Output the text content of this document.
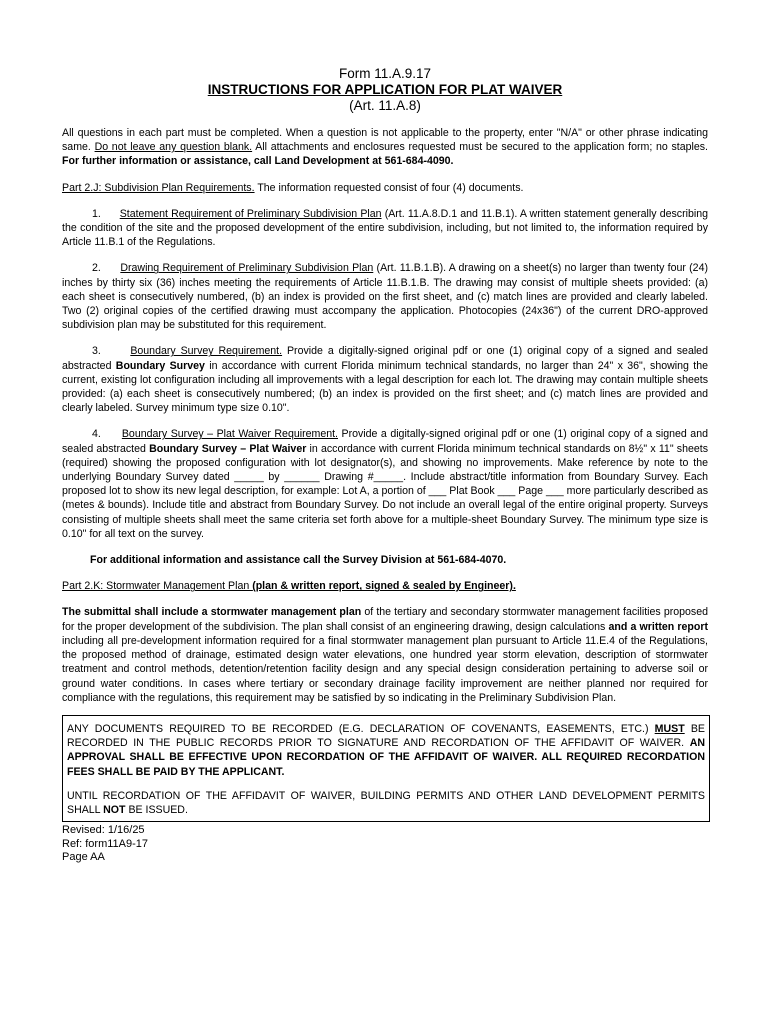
Form 11.A.9.17
INSTRUCTIONS FOR APPLICATION FOR PLAT WAIVER
(Art. 11.A.8)

All questions in each part must be completed. When a question is not applicable to the property, enter "N/A" or other phrase indicating same. Do not leave any question blank. All attachments and enclosures requested must be secured to the application form; no staples. For further information or assistance, call Land Development at 561-684-4090.

Part 2.J: Subdivision Plan Requirements. The information requested consist of four (4) documents.

1. Statement Requirement of Preliminary Subdivision Plan (Art. 11.A.8.D.1 and 11.B.1). A written statement generally describing the condition of the site and the proposed development of the entire subdivision, including, but not limited to, the information required by Article 11.B.1 of the Regulations.

2. Drawing Requirement of Preliminary Subdivision Plan (Art. 11.B.1.B). A drawing on a sheet(s) no larger than twenty four (24) inches by thirty six (36) inches meeting the requirements of Article 11.B.1.B. The drawing may consist of multiple sheets provided: (a) each sheet is consecutively numbered, (b) an index is provided on the first sheet, and (c) match lines are provided and clearly labeled. Two (2) original copies of the certified drawing must accompany the application. Photocopies (24x36") of the current DRO-approved subdivision plan may be substituted for this requirement.

3.	Boundary Survey Requirement. Provide a digitally-signed original pdf or one (1) original copy of a signed and sealed abstracted Boundary Survey in accordance with current Florida minimum technical standards, no larger than 24" x 36", showing the current, existing lot configuration including all improvements with a legal description for each lot. The drawing may contain multiple sheets provided: (a) each sheet is consecutively numbered; (b) an index is provided on the first sheet; and (c) match lines are provided and clearly labeled. Survey minimum type size 0.10".

4. Boundary Survey – Plat Waiver Requirement. Provide a digitally-signed original pdf or one (1) original copy of a signed and sealed abstracted Boundary Survey – Plat Waiver in accordance with current Florida minimum technical standards on 8½" x 11" sheets (required) showing the proposed configuration with lot designator(s), and showing no improvements. Make reference by note to the underlying Boundary Survey dated _____ by ______ Drawing #_____. Include abstract/title information from Boundary Survey. Each proposed lot to show its new legal description, for example: Lot A, a portion of ___ Plat Book ___ Page ___ more particularly described as (metes & bounds). Include title and abstract from Boundary Survey. Do not include an overall legal of the entire original property. Surveys consisting of multiple sheets shall meet the same criteria set forth above for a multiple-sheet Boundary Survey. The minimum type size is 0.10" for all text on the survey.

For additional information and assistance call the Survey Division at 561-684-4070.

Part 2.K: Stormwater Management Plan (plan & written report, signed & sealed by Engineer).

The submittal shall include a stormwater management plan of the tertiary and secondary stormwater management facilities proposed for the proper development of the subdivision. The plan shall consist of an engineering drawing, design calculations and a written report including all pre-development information required for a final stormwater management plan pursuant to Article 11.E.4 of the Regulations, the proposed method of drainage, estimated design water elevations, one hundred year storm elevation, description of stormwater treatment and control methods, detention/retention facility design and any special design consideration pertaining to adverse soil or ground water conditions. In cases where tertiary or secondary drainage facility improvement are neither planned nor required for compliance with the regulations, this requirement may be satisfied by so indicating in the Preliminary Subdivision Plan.

ANY DOCUMENTS REQUIRED TO BE RECORDED (E.G. DECLARATION OF COVENANTS, EASEMENTS, ETC.) MUST BE RECORDED IN THE PUBLIC RECORDS PRIOR TO SIGNATURE AND RECORDATION OF THE AFFIDAVIT OF WAIVER. AN APPROVAL SHALL BE EFFECTIVE UPON RECORDATION OF THE AFFIDAVIT OF WAIVER. ALL REQUIRED RECORDATION FEES SHALL BE PAID BY THE APPLICANT.

UNTIL RECORDATION OF THE AFFIDAVIT OF WAIVER, BUILDING PERMITS AND OTHER LAND DEVELOPMENT PERMITS SHALL NOT BE ISSUED.

Revised: 1/16/25
Ref: form11A9-17
Page AA
